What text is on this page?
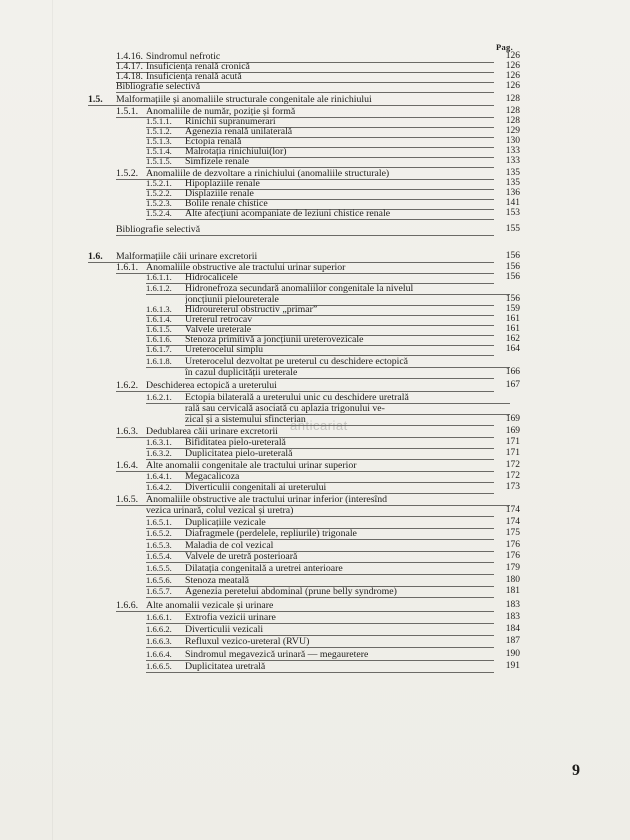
Pag.
1.4.16. Sindromul nefrotic	126
1.4.17. Insuficiența renală cronică	126
1.4.18. Insuficiența renală acută	126
Bibliografie selectivă	126
1.5.	Malformațiile și anomaliile structurale congenitale ale rinichiului	128
1.5.1. Anomaliile de număr, poziție și formă	128
1.5.1.1.	Rinichii supranumerari	128
1.5.1.2.	Agenezia renală unilaterală	129
1.5.1.3.	Ectopia renală	130
1.5.1.4.	Malrotația rinichiului(lor)	133
1.5.1.5.	Simfizele renale	133
1.5.2. Anomaliile de dezvoltare a rinichiului (anomaliile structurale)	135
1.5.2.1.	Hipoplaziile renale	135
1.5.2.2.	Displaziile renale	136
1.5.2.3.	Bolile renale chistice	141
1.5.2.4.	Alte afecțiuni acompaniate de leziuni chistice renale	153
Bibliografie selectivă	155
1.6.	Malformațiile căii urinare excretorii	156
1.6.1. Anomaliile obstructive ale tractului urinar superior	156
1.6.1.1.	Hidrocalicele	156
1.6.1.2.	Hidronefroza secundară anomaliilor congenitale la nivelul
joncțiunii pieloureterale	156
1.6.1.3.	Hidroureterul obstructiv „primar”	159
1.6.1.4.	Ureterul retrocav	161
1.6.1.5.	Valvele ureterale	161
1.6.1.6.	Stenoza primitivă a joncțiunii ureterovezicale	162
1.6.1.7.	Ureterocelul simplu	164
1.6.1.8.	Ureterocelul dezvoltat pe ureterul cu deschidere ectopică
în cazul duplicității ureterale	166
1.6.2. Deschiderea ectopică a ureterului	167
1.6.2.1.	Ectopia bilaterală a ureterului unic cu deschidere uretrală
rală sau cervicală asociată cu aplazia trigonului ve-
zical și a sistemului sfincterian	169
1.6.3. Dedublarea căii urinare excretorii	169
1.6.3.1.	Bifiditatea pielo-ureterală	171
1.6.3.2.	Duplicitatea pielo-ureterală	171
1.6.4. Alte anomalii congenitale ale tractului urinar superior	172
1.6.4.1.	Megacalicoza	172
1.6.4.2.	Diverticulii congenitali ai ureterului	173
1.6.5. Anomaliile obstructive ale tractului urinar inferior (interesînd
vezica urinară, colul vezical și uretra)	174
1.6.5.1.	Duplicațiile vezicale	174
1.6.5.2.	Diafragmele (perdelele, repliurile) trigonale	175
1.6.5.3.	Maladia de col vezical	176
1.6.5.4.	Valvele de uretră posterioară	176
1.6.5.5.	Dilatația congenitală a uretrei anterioare	179
1.6.5.6.	Stenoza meatală	180
1.6.5.7.	Agenezia peretelui abdominal (prune belly syndrome)	181
1.6.6. Alte anomalii vezicale și urinare	183
1.6.6.1.	Extrofia vezicii urinare	183
1.6.6.2.	Diverticulii vezicali	184
1.6.6.3.	Refluxul vezico-ureteral (RVU)	187
1.6.6.4.	Sindromul megavezică urinară — megauretere	190
1.6.6.5.	Duplicitatea uretrală	191
anticariat
9
